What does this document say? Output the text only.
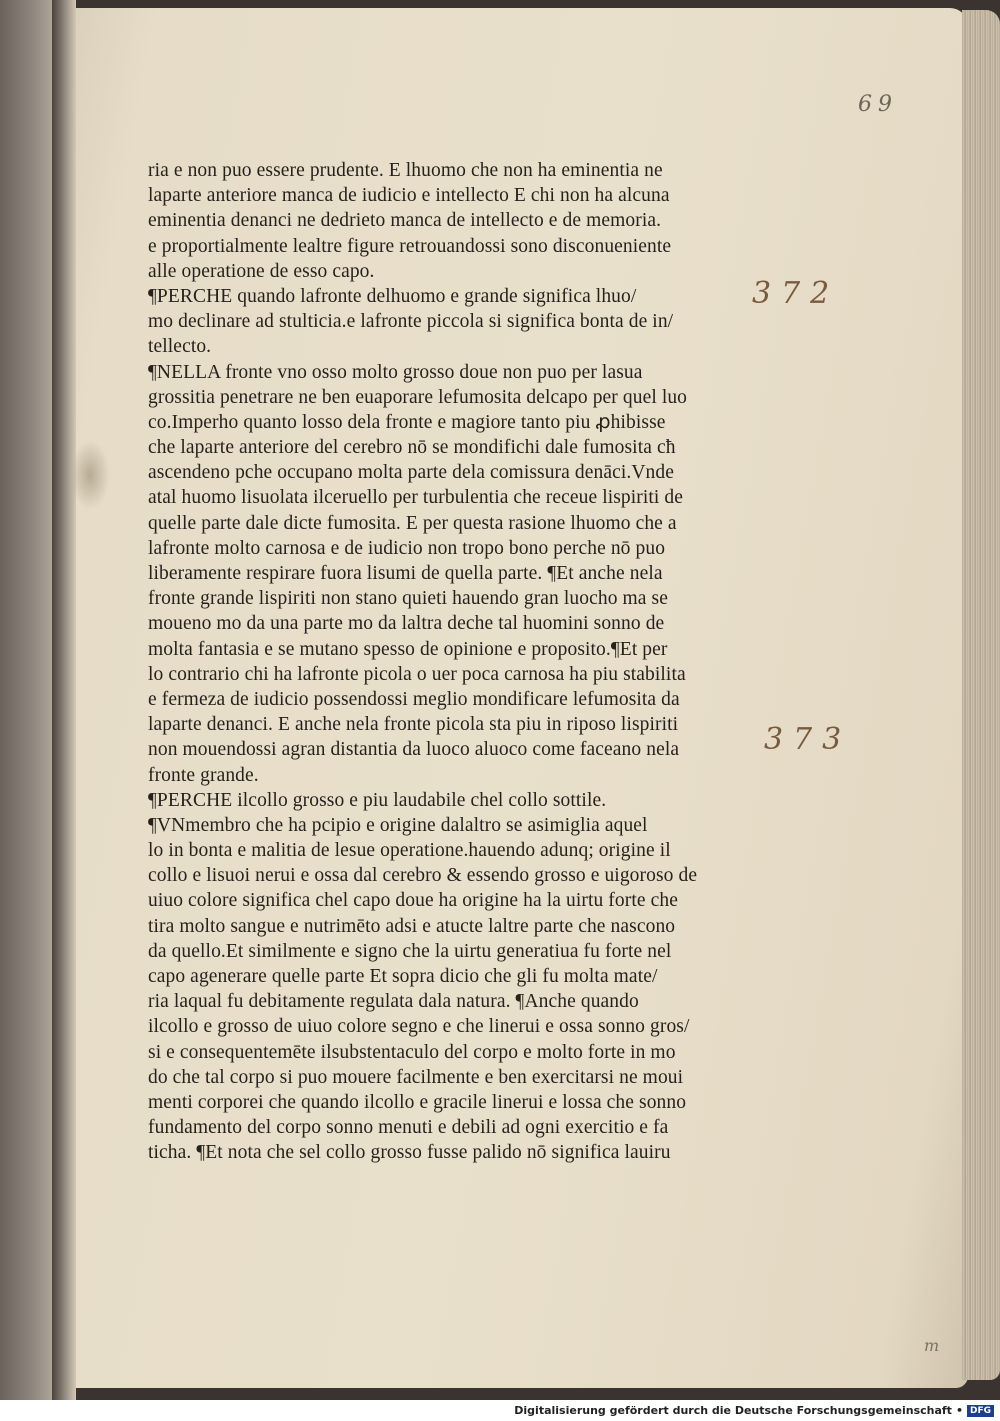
69
372
373
m
ria e non puo essere prudente. E lhuomo che non ha eminentia ne
laparte anteriore manca de iudicio e intellecto E chi non ha alcuna
eminentia denanci ne dedrieto manca de intellecto e de memoria.
e proportialmente lealtre figure retrouandossi sono disconueniente
alle operatione de esso capo.
¶PERCHE quando lafronte delhuomo e grande significa lhuo/
mo declinare ad stulticia.e lafronte piccola si significa bonta de in/
tellecto.
¶NELLA fronte vno osso molto grosso doue non puo per lasua
grossitia penetrare ne ben euaporare lefumosita delcapo per quel luo
co.Imperho quanto losso dela fronte e magiore tanto piu ꝓhibisse
che laparte anteriore del cerebro nō se mondifichi dale fumosita cħ
ascendeno pche occupano molta parte dela comissura denāci.Vnde
atal huomo lisuolata ilceruello per turbulentia che receue lispiriti de
quelle parte dale dicte fumosita. E per questa rasione lhuomo che a
lafronte molto carnosa e de iudicio non tropo bono perche nō puo
liberamente respirare fuora lisumi de quella parte. ¶Et anche nela
fronte grande lispiriti non stano quieti hauendo gran luocho ma se
moueno mo da una parte mo da laltra deche tal huomini sonno de
molta fantasia e se mutano spesso de opinione e proposito.¶Et per
lo contrario chi ha lafronte picola o uer poca carnosa ha piu stabilita
e fermeza de iudicio possendossi meglio mondificare lefumosita da
laparte denanci. E anche nela fronte picola sta piu in riposo lispiriti
non mouendossi agran distantia da luoco aluoco come faceano nela
fronte grande.
¶PERCHE ilcollo grosso e piu laudabile chel collo sottile.
¶VNmembro che ha pcipio e origine dalaltro se asimiglia aquel
lo in bonta e malitia de lesue operatione.hauendo adunq; origine il
collo e lisuoi nerui e ossa dal cerebro & essendo grosso e uigoroso de
uiuo colore significa chel capo doue ha origine ha la uirtu forte che
tira molto sangue e nutrimēto adsi e atucte laltre parte che nascono
da quello.Et similmente e signo che la uirtu generatiua fu forte nel
capo agenerare quelle parte Et sopra dicio che gli fu molta mate/
ria laqual fu debitamente regulata dala natura. ¶Anche quando
ilcollo e grosso de uiuo colore segno e che linerui e ossa sonno gros/
si e consequentemēte ilsubstentaculo del corpo e molto forte in mo
do che tal corpo si puo mouere facilmente e ben exercitarsi ne moui
menti corporei che quando ilcollo e gracile linerui e lossa che sonno
fundamento del corpo sonno menuti e debili ad ogni exercitio e fa
ticha. ¶Et nota che sel collo grosso fusse palido nō significa lauiru
Digitalisierung gefördert durch die Deutsche Forschungsgemeinschaft • DFG
